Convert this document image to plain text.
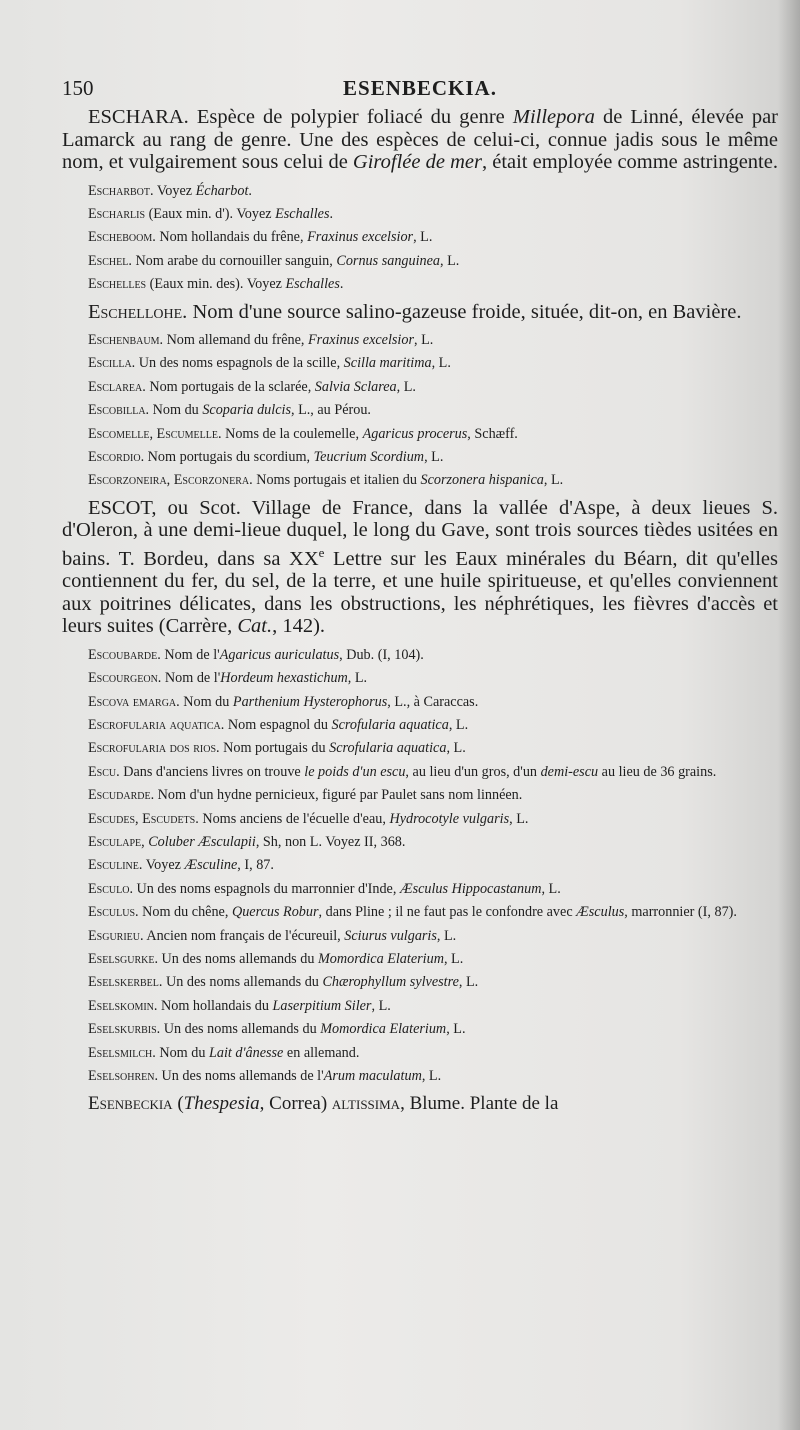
150	ESENBECKIA.

ESCHARA. Espèce de polypier foliacé du genre Millepora de Linné, élevée par Lamarck au rang de genre. Une des espèces de celui-ci, connue jadis sous le même nom, et vulgairement sous celui de Giroflée de mer, était employée comme astringente.

Escharbot. Voyez Écharbot.

Escharlis (Eaux min. d'). Voyez Eschalles.

Escheboom. Nom hollandais du frêne, Fraxinus excelsior, L.

Eschel. Nom arabe du cornouiller sanguin, Cornus sanguinea, L.

Eschelles (Eaux min. des). Voyez Eschalles.

Eschellohe. Nom d'une source salino-gazeuse froide, située, dit-on, en Bavière.

Eschenbaum. Nom allemand du frêne, Fraxinus excelsior, L.

Escilla. Un des noms espagnols de la scille, Scilla maritima, L.

Esclarea. Nom portugais de la sclarée, Salvia Sclarea, L.

Escobilla. Nom du Scoparia dulcis, L., au Pérou.

Escomelle, Escumelle. Noms de la coulemelle, Agaricus procerus, Schæff.

Escordio. Nom portugais du scordium, Teucrium Scordium, L.

Escorzoneira, Escorzonera. Noms portugais et italien du Scorzonera hispanica, L.

ESCOT, ou Scot. Village de France, dans la vallée d'Aspe, à deux lieues S. d'Oleron, à une demi-lieue duquel, le long du Gave, sont trois sources tièdes usitées en bains. T. Bordeu, dans sa XXe Lettre sur les Eaux minérales du Béarn, dit qu'elles contiennent du fer, du sel, de la terre, et une huile spiritueuse, et qu'elles conviennent aux poitrines délicates, dans les obstructions, les néphrétiques, les fièvres d'accès et leurs suites (Carrère, Cat., 142).

Escoubarde. Nom de l'Agaricus auriculatus, Dub. (I, 104).

Escourgeon. Nom de l'Hordeum hexastichum, L.

Escova emarga. Nom du Parthenium Hysterophorus, L., à Caraccas.

Escrofularia aquatica. Nom espagnol du Scrofularia aquatica, L.

Escrofularia dos rios. Nom portugais du Scrofularia aquatica, L.

Escu. Dans d'anciens livres on trouve le poids d'un escu, au lieu d'un gros, d'un demi-escu au lieu de 36 grains.

Escudarde. Nom d'un hydne pernicieux, figuré par Paulet sans nom linnéen.

Escudes, Escudets. Noms anciens de l'écuelle d'eau, Hydrocotyle vulgaris, L.

Esculape, Coluber Æsculapii, Sh, non L. Voyez II, 368.

Esculine. Voyez Æsculine, I, 87.

Esculo. Un des noms espagnols du marronnier d'Inde, Æsculus Hippocastanum, L.

Esculus. Nom du chêne, Quercus Robur, dans Pline ; il ne faut pas le confondre avec Æsculus, marronnier (I, 87).

Esgurieu. Ancien nom français de l'écureuil, Sciurus vulgaris, L.

Eselsgurke. Un des noms allemands du Momordica Elaterium, L.

Eselskerbel. Un des noms allemands du Chærophyllum sylvestre, L.

Eselskomin. Nom hollandais du Laserpitium Siler, L.

Eselskurbis. Un des noms allemands du Momordica Elaterium, L.

Eselsmilch. Nom du Lait d'ânesse en allemand.

Eselsohren. Un des noms allemands de l'Arum maculatum, L.

Esenbeckia (Thespesia, Correa) altissima, Blume. Plante de la
